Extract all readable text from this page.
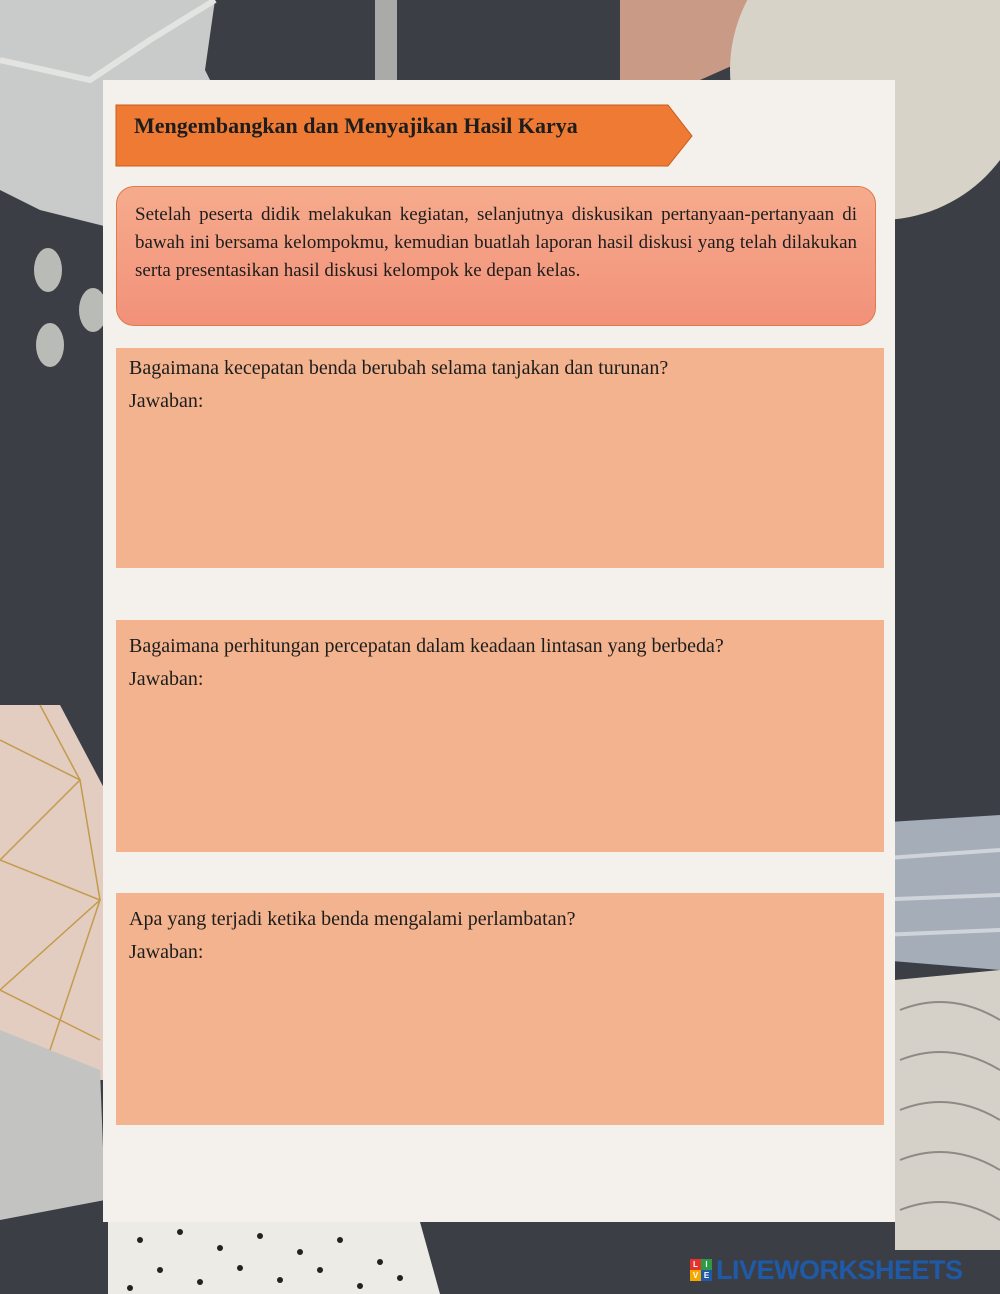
Mengembangkan dan Menyajikan Hasil Karya
Setelah peserta didik melakukan kegiatan, selanjutnya diskusikan pertanyaan-pertanyaan di bawah ini bersama kelompokmu, kemudian buatlah laporan hasil diskusi yang telah dilakukan serta presentasikan hasil diskusi kelompok ke depan kelas.
Bagaimana kecepatan benda berubah selama tanjakan dan turunan?
Jawaban:
Bagaimana perhitungan percepatan dalam keadaan lintasan yang berbeda?
Jawaban:
Apa yang terjadi ketika benda mengalami perlambatan?
Jawaban:
L I
V E LIVEWORKSHEETS
